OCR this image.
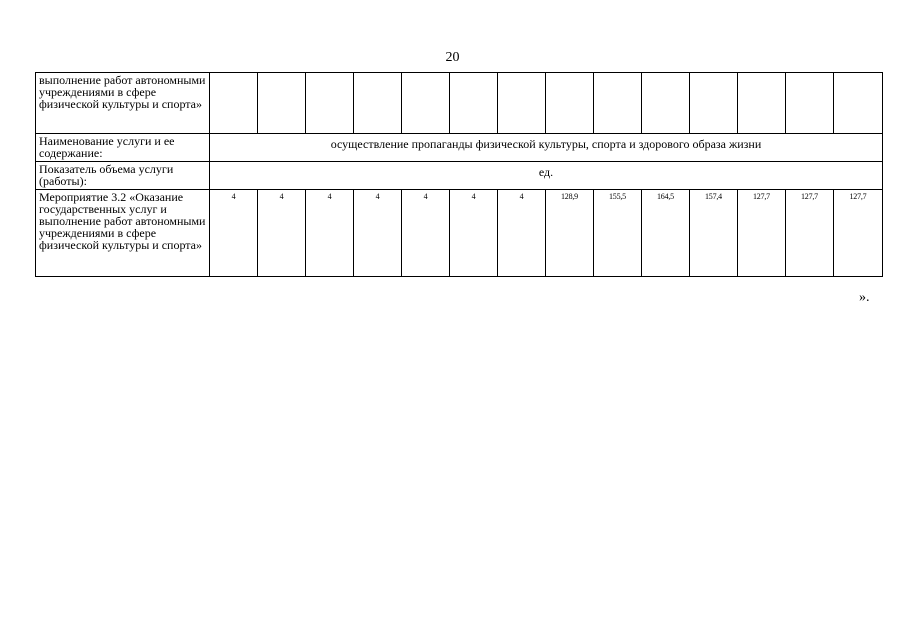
20
выполнение работ автономными учреждениями в сфере физической культуры и спорта»														
Наименование услуги и ее содержание:	осуществление пропаганды физической культуры, спорта и здорового образа жизни													
Показатель объема услуги (работы):	ед.													
Мероприятие 3.2 «Оказание государственных услуг и выполнение работ автономными учреждениями в сфере физической культуры и спорта»	4	4	4	4	4	4	4	128,9	155,5	164,5	157,4	127,7	127,7	127,7
».
